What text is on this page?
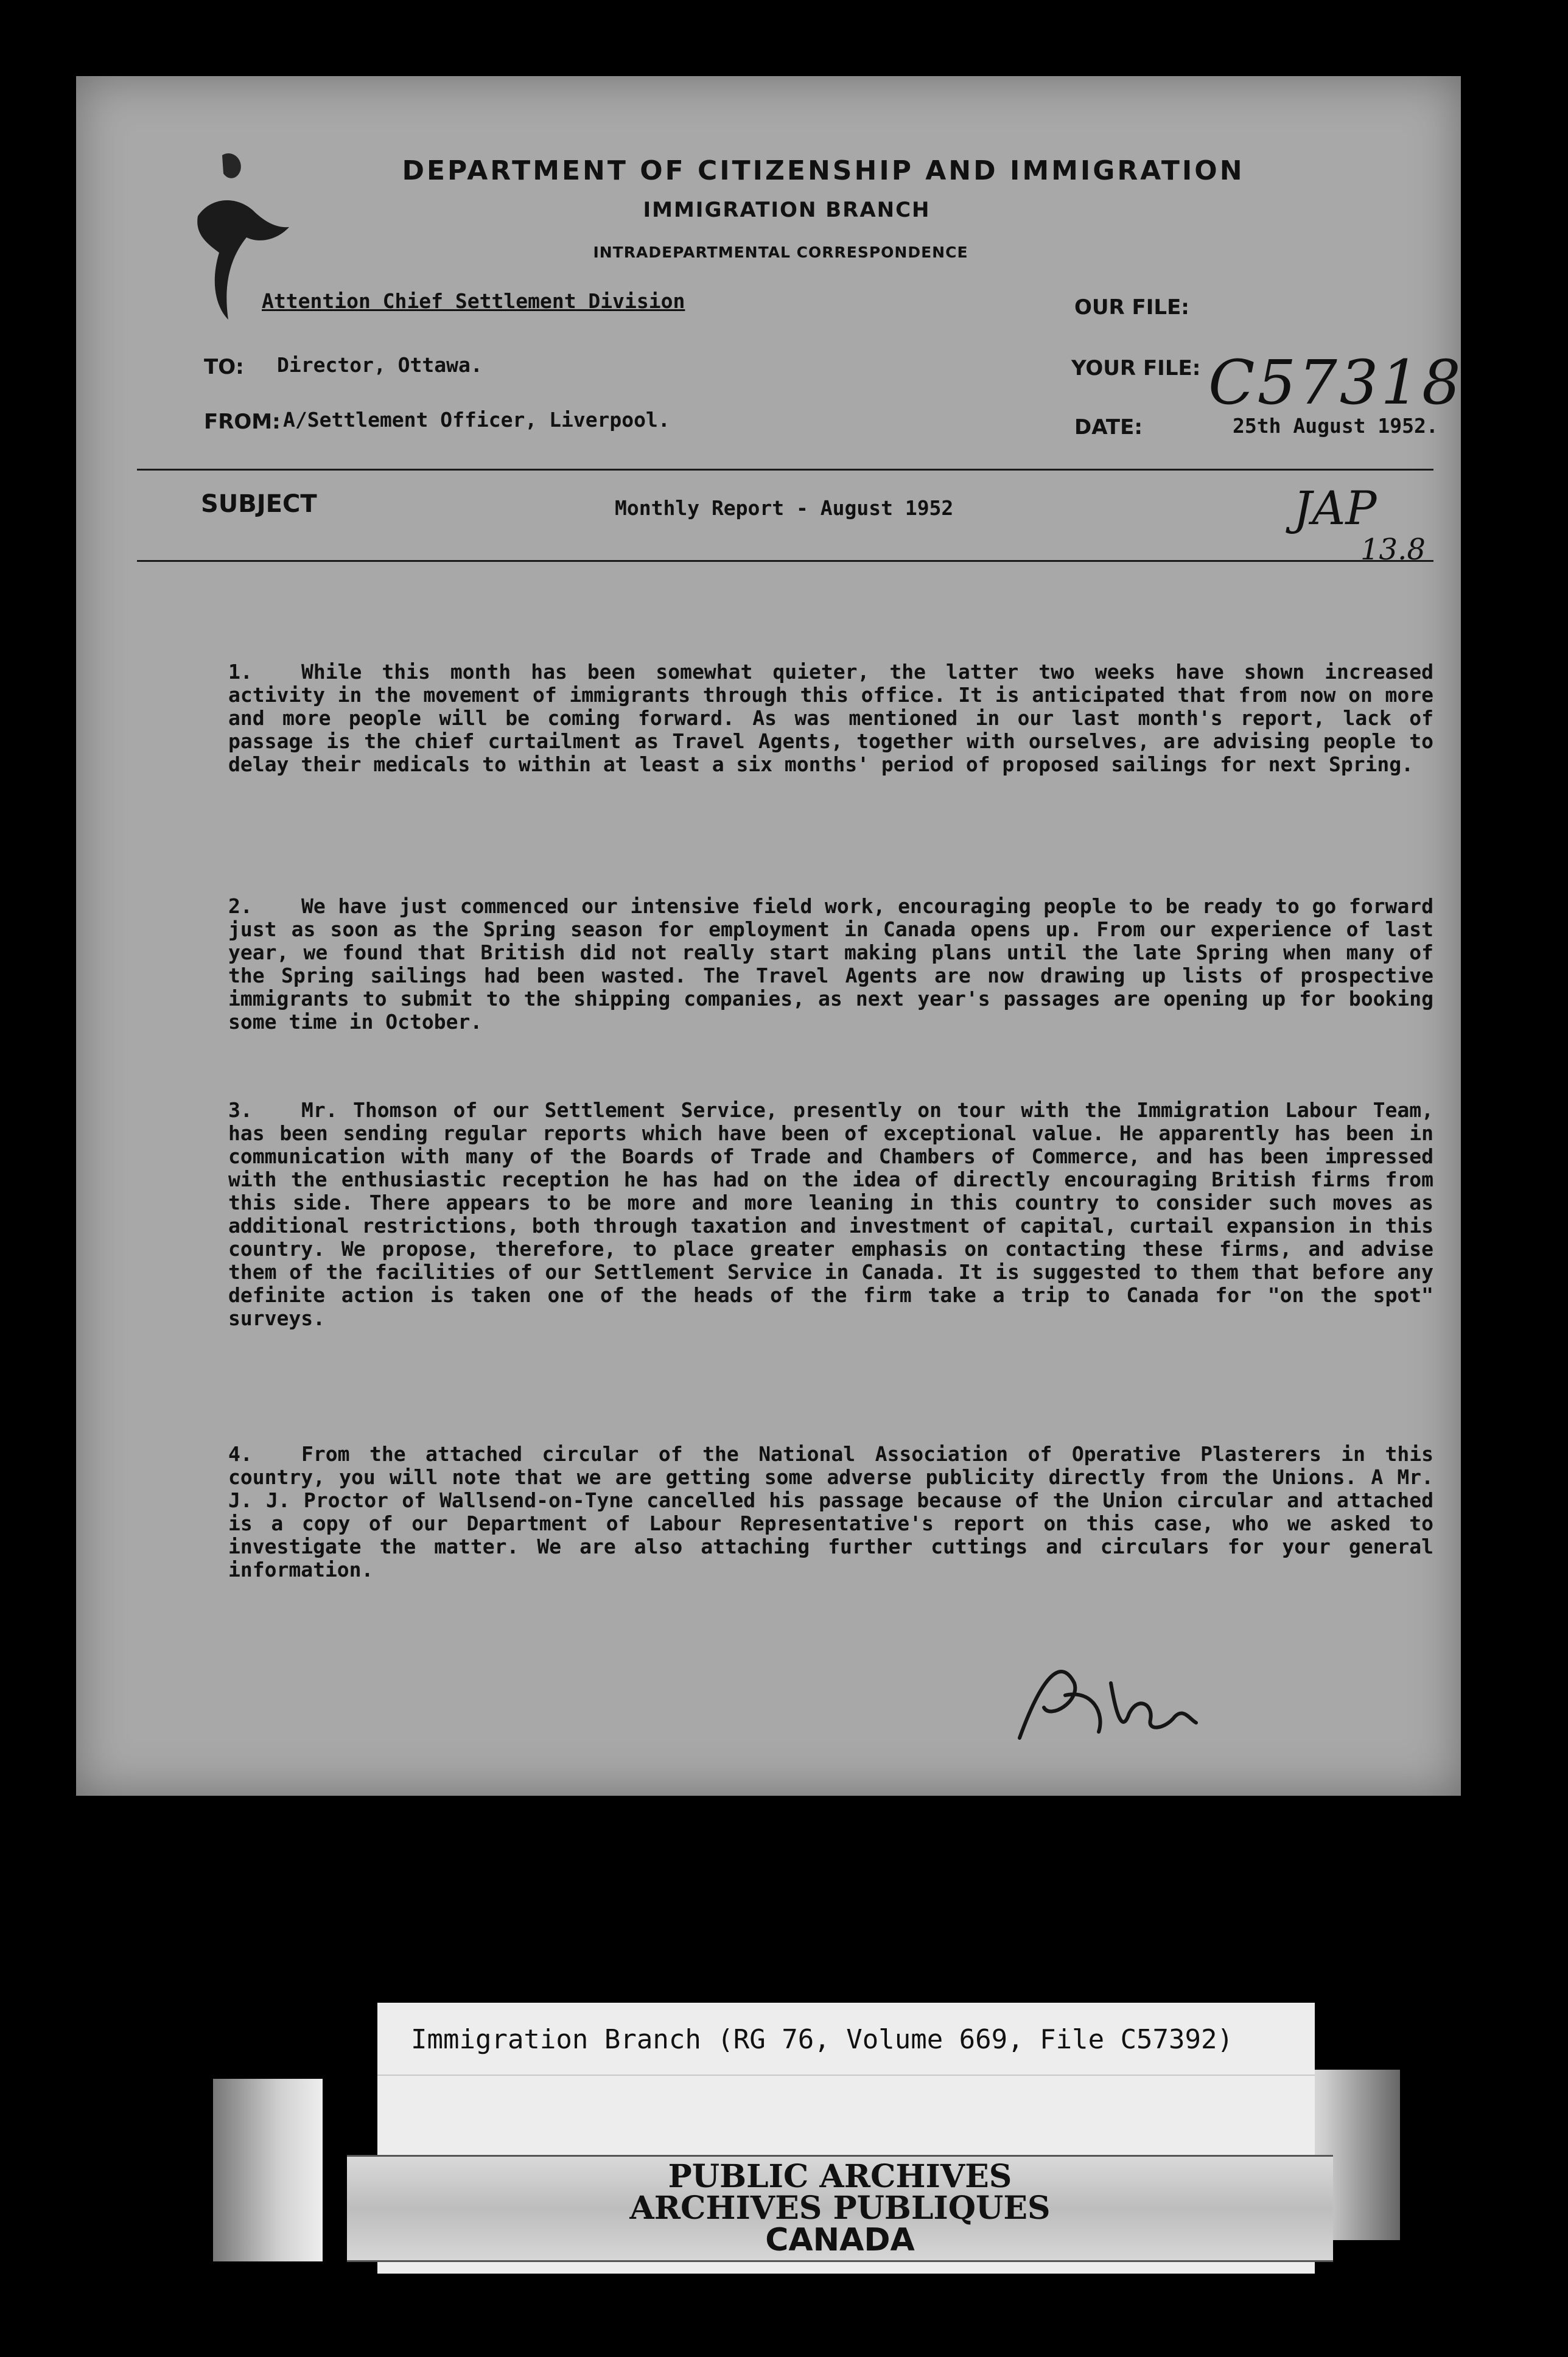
DEPARTMENT OF CITIZENSHIP AND IMMIGRATION
IMMIGRATION BRANCH
INTRADEPARTMENTAL CORRESPONDENCE
Attention Chief Settlement Division
TO: Director, Ottawa.
FROM: A/Settlement Officer, Liverpool.
OUR FILE:
YOUR FILE: C57318
DATE:	25th August 1952.
SUBJECT	Monthly Report - August 1952	JAP
13.8

1. While this month has been somewhat quieter, the latter two weeks have shown increased activity in the movement of immigrants through this office. It is anticipated that from now on more and more people will be coming forward. As was mentioned in our last month's report, lack of passage is the chief curtailment as Travel Agents, together with ourselves, are advising people to delay their medicals to within at least a six months' period of proposed sailings for next Spring.

2. We have just commenced our intensive field work, encouraging people to be ready to go forward just as soon as the Spring season for employment in Canada opens up. From our experience of last year, we found that British did not really start making plans until the late Spring when many of the Spring sailings had been wasted. The Travel Agents are now drawing up lists of prospective immigrants to submit to the shipping companies, as next year's passages are opening up for booking some time in October.

3. Mr. Thomson of our Settlement Service, presently on tour with the Immigration Labour Team, has been sending regular reports which have been of exceptional value. He apparently has been in communication with many of the Boards of Trade and Chambers of Commerce, and has been impressed with the enthusiastic reception he has had on the idea of directly encouraging British firms from this side. There appears to be more and more leaning in this country to consider such moves as additional restrictions, both through taxation and investment of capital, curtail expansion in this country. We propose, therefore, to place greater emphasis on contacting these firms, and advise them of the facilities of our Settlement Service in Canada. It is suggested to them that before any definite action is taken one of the heads of the firm take a trip to Canada for "on the spot" surveys.

4. From the attached circular of the National Association of Operative Plasterers in this country, you will note that we are getting some adverse publicity directly from the Unions. A Mr. J. J. Proctor of Wallsend-on-Tyne cancelled his passage because of the Union circular and attached is a copy of our Department of Labour Representative's report on this case, who we asked to investigate the matter. We are also attaching further cuttings and circulars for your general information.

Immigration Branch (RG 76, Volume 669, File C57392)
PUBLIC ARCHIVES
ARCHIVES PUBLIQUES
CANADA
